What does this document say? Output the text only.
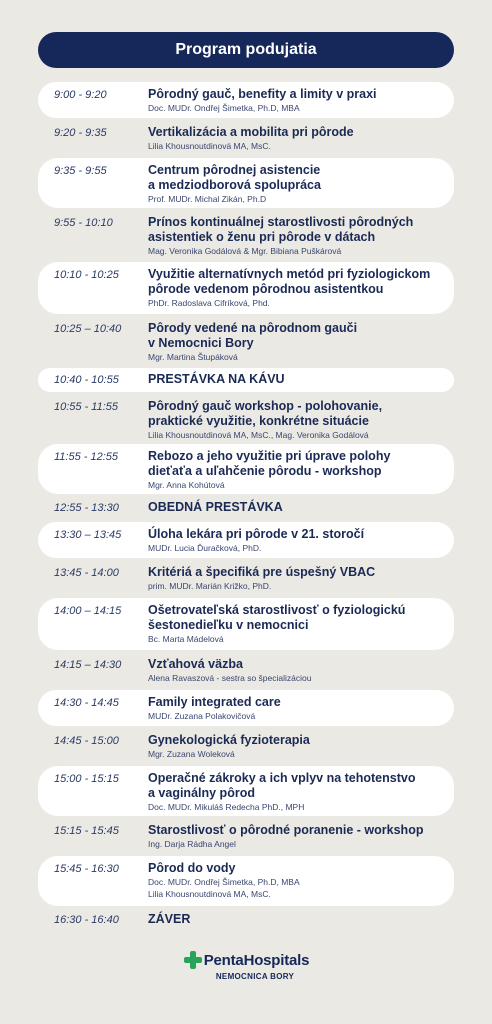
Program podujatia
9:00 - 9:20	Pôrodný gauč, benefity a limity v praxi
Doc. MUDr. Ondřej Šimetka, Ph.D, MBA
9:20 - 9:35	Vertikalizácia a mobilita pri pôrode
Lilia Khousnoutdinová MA, MsC.
9:35 - 9:55	Centrum pôrodnej asistencie
a medziodborová spolupráca
Prof. MUDr. Michal Zikán, Ph.D
9:55 - 10:10	Prínos kontinuálnej starostlivosti pôrodných
asistentiek o ženu pri pôrode v dátach
Mag. Veronika Godálová & Mgr. Bibiana Puškárová
10:10 - 10:25	Využitie alternatívnych metód pri fyziologickom
pôrode vedenom pôrodnou asistentkou
PhDr. Radoslava Cifríková, Phd.
10:25 – 10:40	Pôrody vedené na pôrodnom gauči
v Nemocnici Bory
Mgr. Martina Štupáková
10:40 - 10:55	PRESTÁVKA NA KÁVU
10:55 - 11:55	Pôrodný gauč workshop - polohovanie,
praktické využitie, konkrétne situácie
Lilia Khousnoutdinová MA, MsC., Mag. Veronika Godálová
11:55 - 12:55	Rebozo a jeho využitie pri úprave polohy
dieťaťa a uľahčenie pôrodu - workshop
Mgr. Anna Kohútová
12:55 - 13:30	OBEDNÁ PRESTÁVKA
13:30 – 13:45	Úloha lekára pri pôrode v 21. storočí
MUDr. Lucia Ďuračková, PhD.
13:45 - 14:00	Kritériá a špecifiká pre úspešný VBAC
prim. MUDr. Marián Križko, PhD.
14:00 – 14:15	Ošetrovateľská starostlivosť o fyziologickú
šestonedieľku v nemocnici
Bc. Marta Mádelová
14:15 – 14:30	Vzťahová väzba
Alena Ravaszová - sestra so špecializáciou
14:30 - 14:45	Family integrated care
MUDr. Zuzana Polakovičová
14:45 - 15:00	Gynekologická fyzioterapia
Mgr. Zuzana Woleková
15:00 - 15:15	Operačné zákroky a ich vplyv na tehotenstvo
a vaginálny pôrod
Doc. MUDr. Mikuláš Redecha PhD., MPH
15:15 - 15:45	Starostlivosť o pôrodné poranenie - workshop
Ing. Darja Rádha Angel
15:45 - 16:30	Pôrod do vody
Doc. MUDr. Ondřej Šimetka, Ph.D, MBA
Lilia Khousnoutdinová MA, MsC.
16:30 - 16:40	ZÁVER
PentaHospitals
NEMOCNICA BORY
